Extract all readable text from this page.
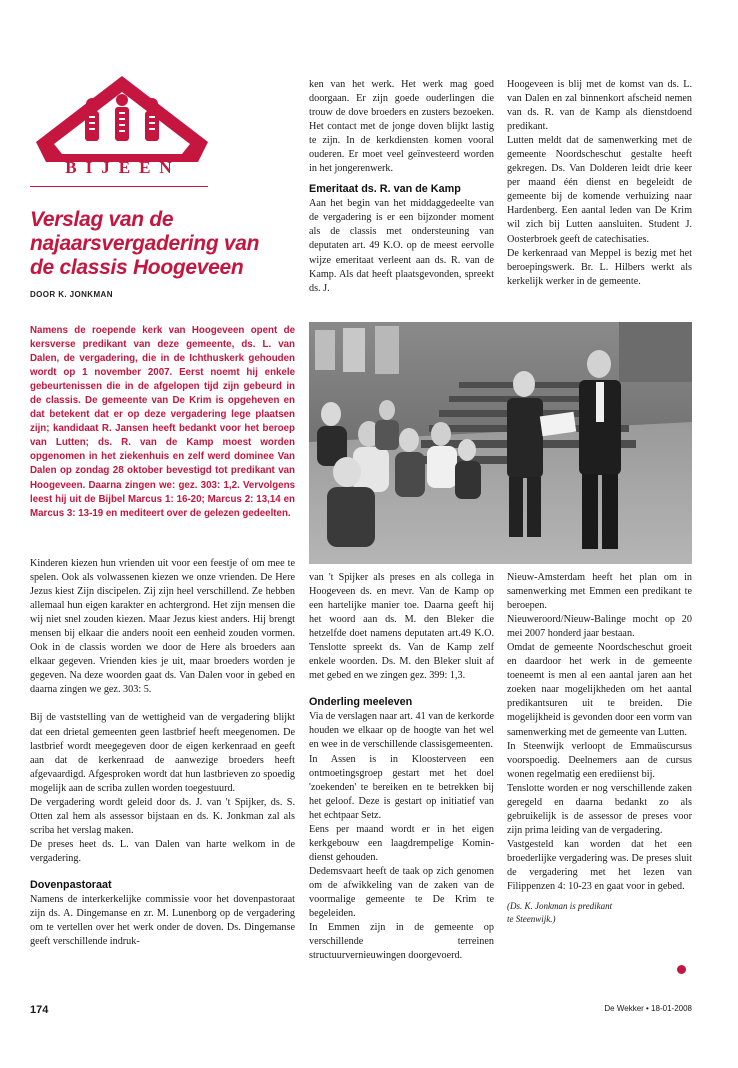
BIJEEN
Verslag van de
najaarsvergadering van
de classis Hoogeveen
DOOR K. JONKMAN
Namens de roepende kerk van Hoogeveen opent de kersverse predikant van deze gemeente, ds. L. van Dalen, de vergadering, die in de Ichthuskerk gehouden wordt op 1 november 2007. Eerst noemt hij enkele gebeurtenissen die in de afgelopen tijd zijn gebeurd in de classis. De gemeente van De Krim is opgeheven en dat betekent dat er op deze vergadering lege plaatsen zijn; kandidaat R. Jansen heeft bedankt voor het beroep van Lutten; ds. R. van de Kamp moest worden opgenomen in het ziekenhuis en zelf werd dominee Van Dalen op zondag 28 oktober bevestigd tot predikant van Hoogeveen. Daarna zingen we: gez. 303: 1,2. Vervolgens leest hij uit de Bijbel Marcus 1: 16-20; Marcus 2: 13,14 en Marcus 3: 13-19 en mediteert over de gelezen gedeelten.

ken van het werk. Het werk mag goed doorgaan. Er zijn goede ouderlingen die trouw de dove broeders en zusters bezoeken. Het contact met de jonge doven blijkt lastig te zijn. In de kerkdiensten komen vooral ouderen. Er moet veel geïnvesteerd worden in het jongerenwerk.

Emeritaat ds. R. van de Kamp

Aan het begin van het middaggedeelte van de vergadering is er een bijzonder moment als de classis met ondersteuning van deputaten art. 49 K.O. op de meest eervolle wijze emeritaat verleent aan ds. R. van de Kamp. Als dat heeft plaatsgevonden, spreekt ds. J.

Hoogeveen is blij met de komst van ds. L. van Dalen en zal binnenkort afscheid nemen van ds. R. van de Kamp als dienstdoend predikant.

Lutten meldt dat de samenwerking met de gemeente Noordscheschut gestalte heeft gekregen. Ds. Van Dolderen leidt drie keer per maand één dienst en begeleidt de gemeente bij de komende verhuizing naar Hardenberg. Een aantal leden van De Krim wil zich bij Lutten aansluiten. Student J. Oosterbroek geeft de catechisaties.

De kerkenraad van Meppel is bezig met het beroepingswerk. Br. L. Hilbers werkt als kerkelijk werker in de gemeente.

Kinderen kiezen hun vrienden uit voor een feestje of om mee te spelen. Ook als volwassenen kiezen we onze vrienden. De Here Jezus kiest Zijn discipelen. Zij zijn heel verschillend. Ze hebben allemaal hun eigen karakter en achtergrond. Het zijn mensen die wij niet snel zouden kiezen. Maar Jezus kiest anders. Hij brengt mensen bij elkaar die anders nooit een eenheid zouden vormen. Ook in de classis worden we door de Here als broeders aan elkaar gegeven. Vrienden kies je uit, maar broeders worden je gegeven. Na deze woorden gaat ds. Van Dalen voor in gebed en daarna zingen we gez. 303: 5.

Bij de vaststelling van de wettigheid van de vergadering blijkt dat een drietal gemeenten geen lastbrief heeft meegenomen. De lastbrief wordt meegegeven door de eigen kerkenraad en geeft aan dat de kerkenraad de aanwezige broeders heeft afgevaardigd. Afgesproken wordt dat hun lastbrieven zo spoedig mogelijk aan de scriba zullen worden toegestuurd.

De vergadering wordt geleid door ds. J. van 't Spijker, ds. S. Otten zal hem als assessor bijstaan en ds. K. Jonkman zal als scriba het verslag maken.

De preses heet ds. L. van Dalen van harte welkom in de vergadering.

Dovenpastoraat

Namens de interkerkelijke commissie voor het dovenpastoraat zijn ds. A. Dingemanse en zr. M. Lunenborg op de vergadering om te vertellen over het werk onder de doven. Ds. Dingemanse geeft verschillende indruk-

van 't Spijker als preses en als collega in Hoogeveen ds. en mevr. Van de Kamp op een hartelijke manier toe. Daarna geeft hij het woord aan ds. M. den Bleker die hetzelfde doet namens deputaten art.49 K.O. Tenslotte spreekt ds. Van de Kamp zelf enkele woorden. Ds. M. den Bleker sluit af met gebed en we zingen gez. 399: 1,3.

Onderling meeleven

Via de verslagen naar art. 41 van de kerkorde houden we elkaar op de hoogte van het wel en wee in de verschillende classisgemeenten.

In Assen is in Kloosterveen een ontmoetingsgroep gestart met het doel 'zoekenden' te bereiken en te betrekken bij het geloof. Deze is gestart op initiatief van het echtpaar Setz.

Eens per maand wordt er in het eigen kerkgebouw een laagdrempelige Komin-dienst gehouden.

Dedemsvaart heeft de taak op zich genomen om de afwikkeling van de zaken van de voormalige gemeente te De Krim te begeleiden.

In Emmen zijn in de gemeente op verschillende terreinen structuurvernieuwingen doorgevoerd.

Nieuw-Amsterdam heeft het plan om in samenwerking met Emmen een predikant te beroepen.

Nieuweroord/Nieuw-Balinge mocht op 20 mei 2007 honderd jaar bestaan.

Omdat de gemeente Noordscheschut groeit en daardoor het werk in de gemeente toeneemt is men al een aantal jaren aan het zoeken naar mogelijkheden om het aantal predikantsuren uit te breiden. Die mogelijkheid is gevonden door een vorm van samenwerking met de gemeente van Lutten.

In Steenwijk verloopt de Emmaüscursus voorspoedig. Deelnemers aan de cursus wonen regelmatig een erediienst bij.

Tenslotte worden er nog verschillende zaken geregeld en daarna bedankt zo als gebruikelijk is de assessor de preses voor zijn prima leiding van de vergadering.

Vastgesteld kan worden dat het een broederlijke vergadering was. De preses sluit de vergadering met het lezen van Filippenzen 4: 10-23 en gaat voor in gebed.

(Ds. K. Jonkman is predikant
te Steenwijk.)
174	De Wekker • 18-01-2008
